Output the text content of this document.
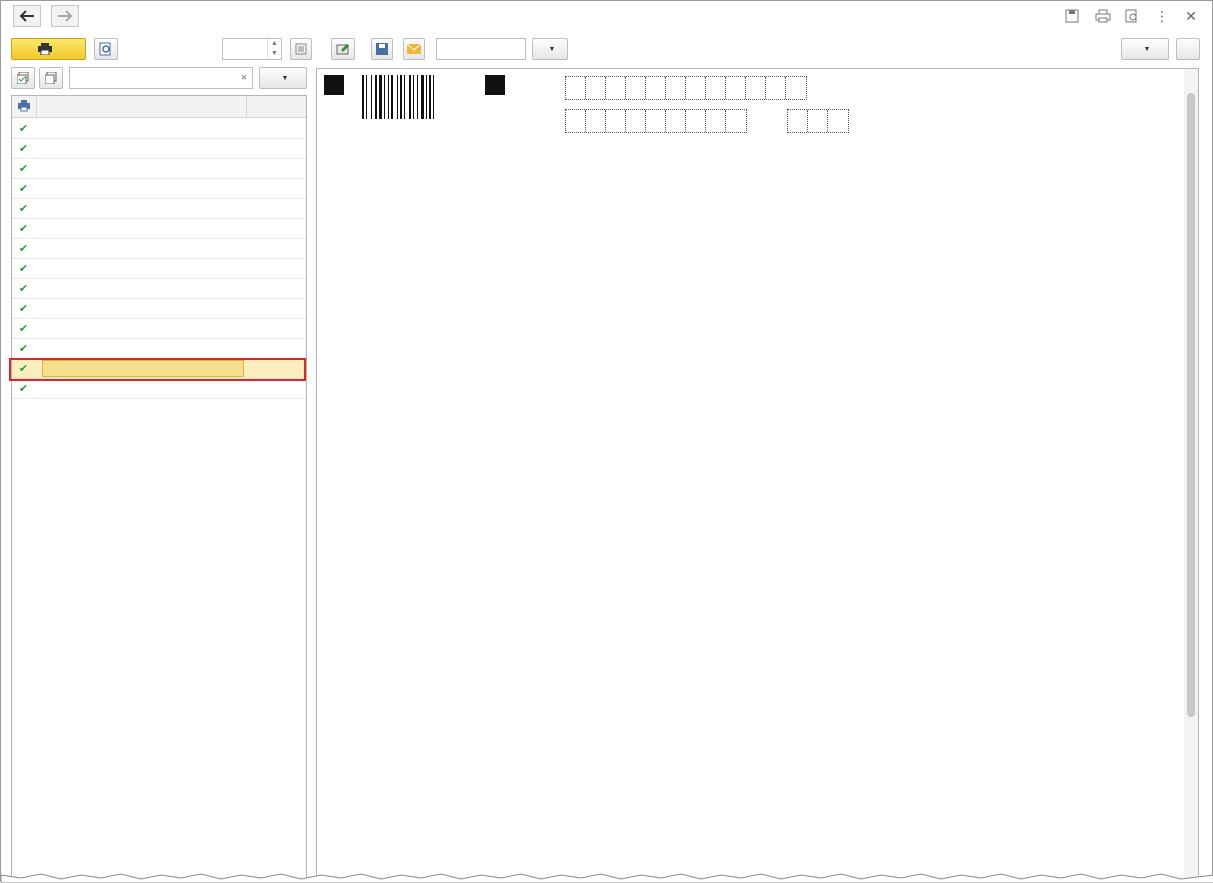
⋮ ✕
▲
▼
▼	▼
×	▼
✔
✔
✔
✔
✔
✔
✔
✔
✔
✔
✔
✔
✔
✔
